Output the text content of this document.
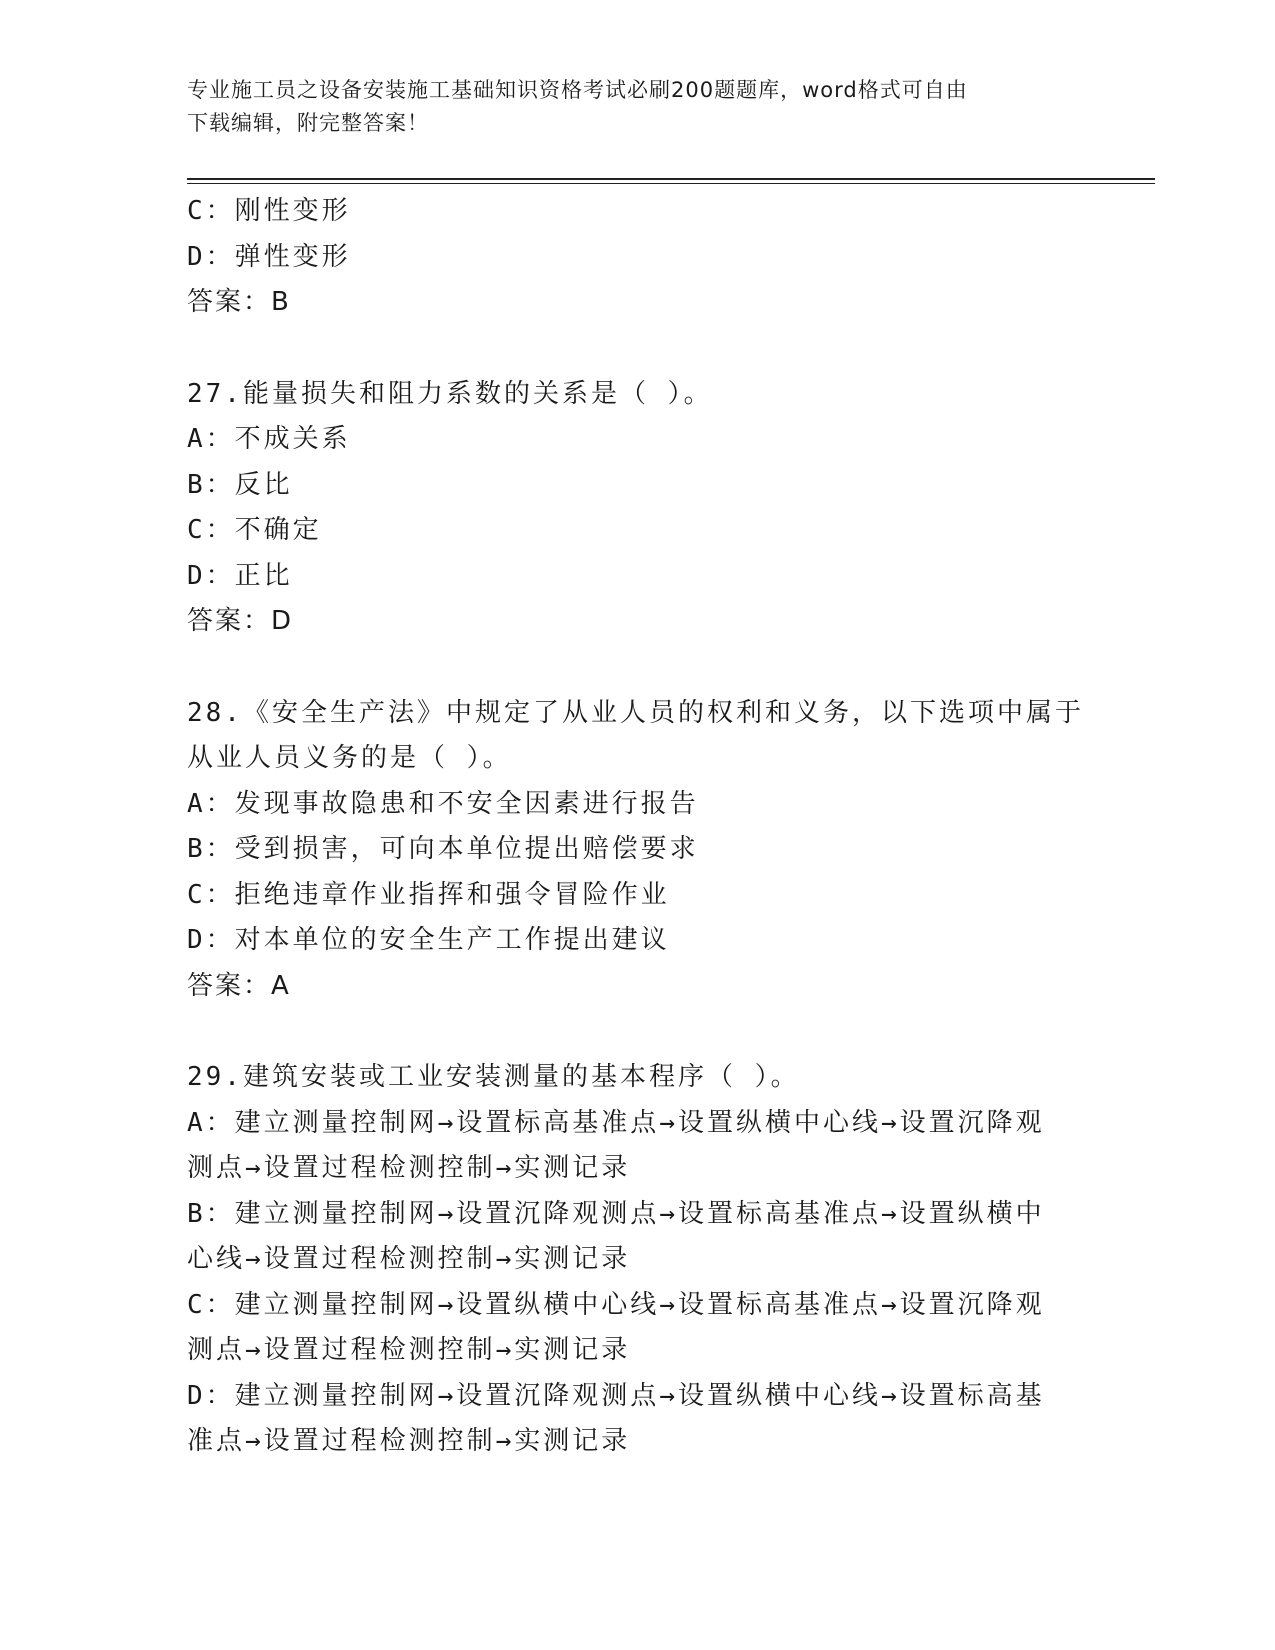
专业施工员之设备安装施工基础知识资格考试必刷200题题库，word格式可自由
下载编辑，附完整答案！
C：刚性变形
D：弹性变形
答案：B
27.能量损失和阻力系数的关系是（ ）。
A：不成关系
B：反比
C：不确定
D：正比
答案：D
28.《安全生产法》中规定了从业人员的权利和义务，以下选项中属于
从业人员义务的是（ ）。
A：发现事故隐患和不安全因素进行报告
B：受到损害，可向本单位提出赔偿要求
C：拒绝违章作业指挥和强令冒险作业
D：对本单位的安全生产工作提出建议
答案：A
29.建筑安装或工业安装测量的基本程序（ ）。
A：建立测量控制网→设置标高基准点→设置纵横中心线→设置沉降观
测点→设置过程检测控制→实测记录
B：建立测量控制网→设置沉降观测点→设置标高基准点→设置纵横中
心线→设置过程检测控制→实测记录
C：建立测量控制网→设置纵横中心线→设置标高基准点→设置沉降观
测点→设置过程检测控制→实测记录
D：建立测量控制网→设置沉降观测点→设置纵横中心线→设置标高基
准点→设置过程检测控制→实测记录
